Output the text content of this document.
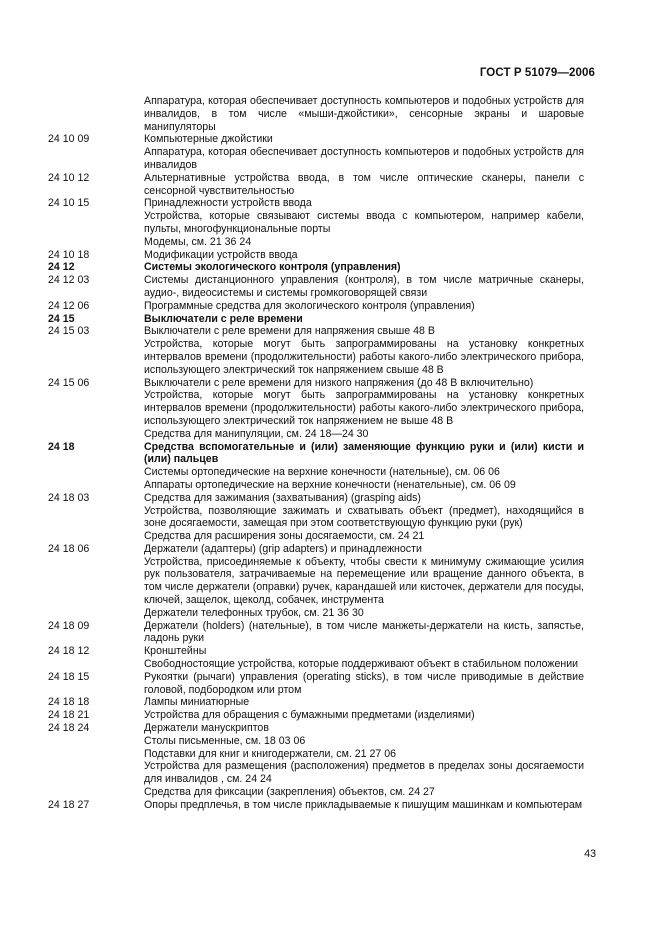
ГОСТ Р 51079—2006
Аппаратура, которая обеспечивает доступность компьютеров и подобных устройств для инвалидов, в том числе «мыши-джойстики», сенсорные экраны и шаровые манипуляторы
24 10 09	Компьютерные джойстики
Аппаратура, которая обеспечивает доступность компьютеров и подобных устройств для инвалидов
24 10 12	Альтернативные устройства ввода, в том числе оптические сканеры, панели с сенсорной чувствительностью
24 10 15	Принадлежности устройств ввода
Устройства, которые связывают системы ввода с компьютером, например кабели, пульты, многофункциональные порты
Модемы, см. 21 36 24
24 10 18	Модификации устройств ввода
24 12	Системы экологического контроля (управления)
24 12 03	Системы дистанционного управления (контроля), в том числе матричные сканеры, аудио-, видеосистемы и системы громкоговорящей связи
24 12 06	Программные средства для экологического контроля (управления)
24 15	Выключатели с реле времени
24 15 03	Выключатели с реле времени для напряжения свыше 48 В
Устройства, которые могут быть запрограммированы на установку конкретных интервалов времени (продолжительности) работы какого-либо электрического прибора, использующего электрический ток напряжением свыше 48 В
24 15 06	Выключатели с реле времени для низкого напряжения (до 48 В включительно)
Устройства, которые могут быть запрограммированы на установку конкретных интервалов времени (продолжительности) работы какого-либо электрического прибора, использующего электрический ток напряжением не выше 48 В
Средства для манипуляции, см. 24 18—24 30
24 18	Средства вспомогательные и (или) заменяющие функцию руки и (или) кисти и (или) пальцев
Системы ортопедические на верхние конечности (нательные), см. 06 06
Аппараты ортопедические на верхние конечности (ненательные), см. 06 09
24 18 03	Средства для зажимания (захватывания) (grasping aids)
Устройства, позволяющие зажимать и схватывать объект (предмет), находящийся в зоне досягаемости, замещая при этом соответствующую функцию руки (рук)
Средства для расширения зоны досягаемости, см. 24 21
24 18 06	Держатели (адаптеры) (grip adapters) и принадлежности
Устройства, присоединяемые к объекту, чтобы свести к минимуму сжимающие усилия рук пользователя, затрачиваемые на перемещение или вращение данного объекта, в том числе держатели (оправки) ручек, карандашей или кисточек, держатели для посуды, ключей, защелок, щеколд, собачек, инструмента
Держатели телефонных трубок, см. 21 36 30
24 18 09	Держатели (holders) (нательные), в том числе манжеты-держатели на кисть, запястье, ладонь руки
24 18 12	Кронштейны
Свободностоящие устройства, которые поддерживают объект в стабильном положении
24 18 15	Рукоятки (рычаги) управления (operating sticks), в том числе приводимые в действие головой, подбородком или ртом
24 18 18	Лампы миниатюрные
24 18 21	Устройства для обращения с бумажными предметами (изделиями)
24 18 24	Держатели манускриптов
Столы письменные, см. 18 03 06
Подставки для книг и книгодержатели, см. 21 27 06
Устройства для размещения (расположения) предметов в пределах зоны досягаемости для инвалидов , см. 24 24
Средства для фиксации (закрепления) объектов, см. 24 27
24 18 27	Опоры предплечья, в том числе прикладываемые к пишущим машинкам и компьютерам
43
